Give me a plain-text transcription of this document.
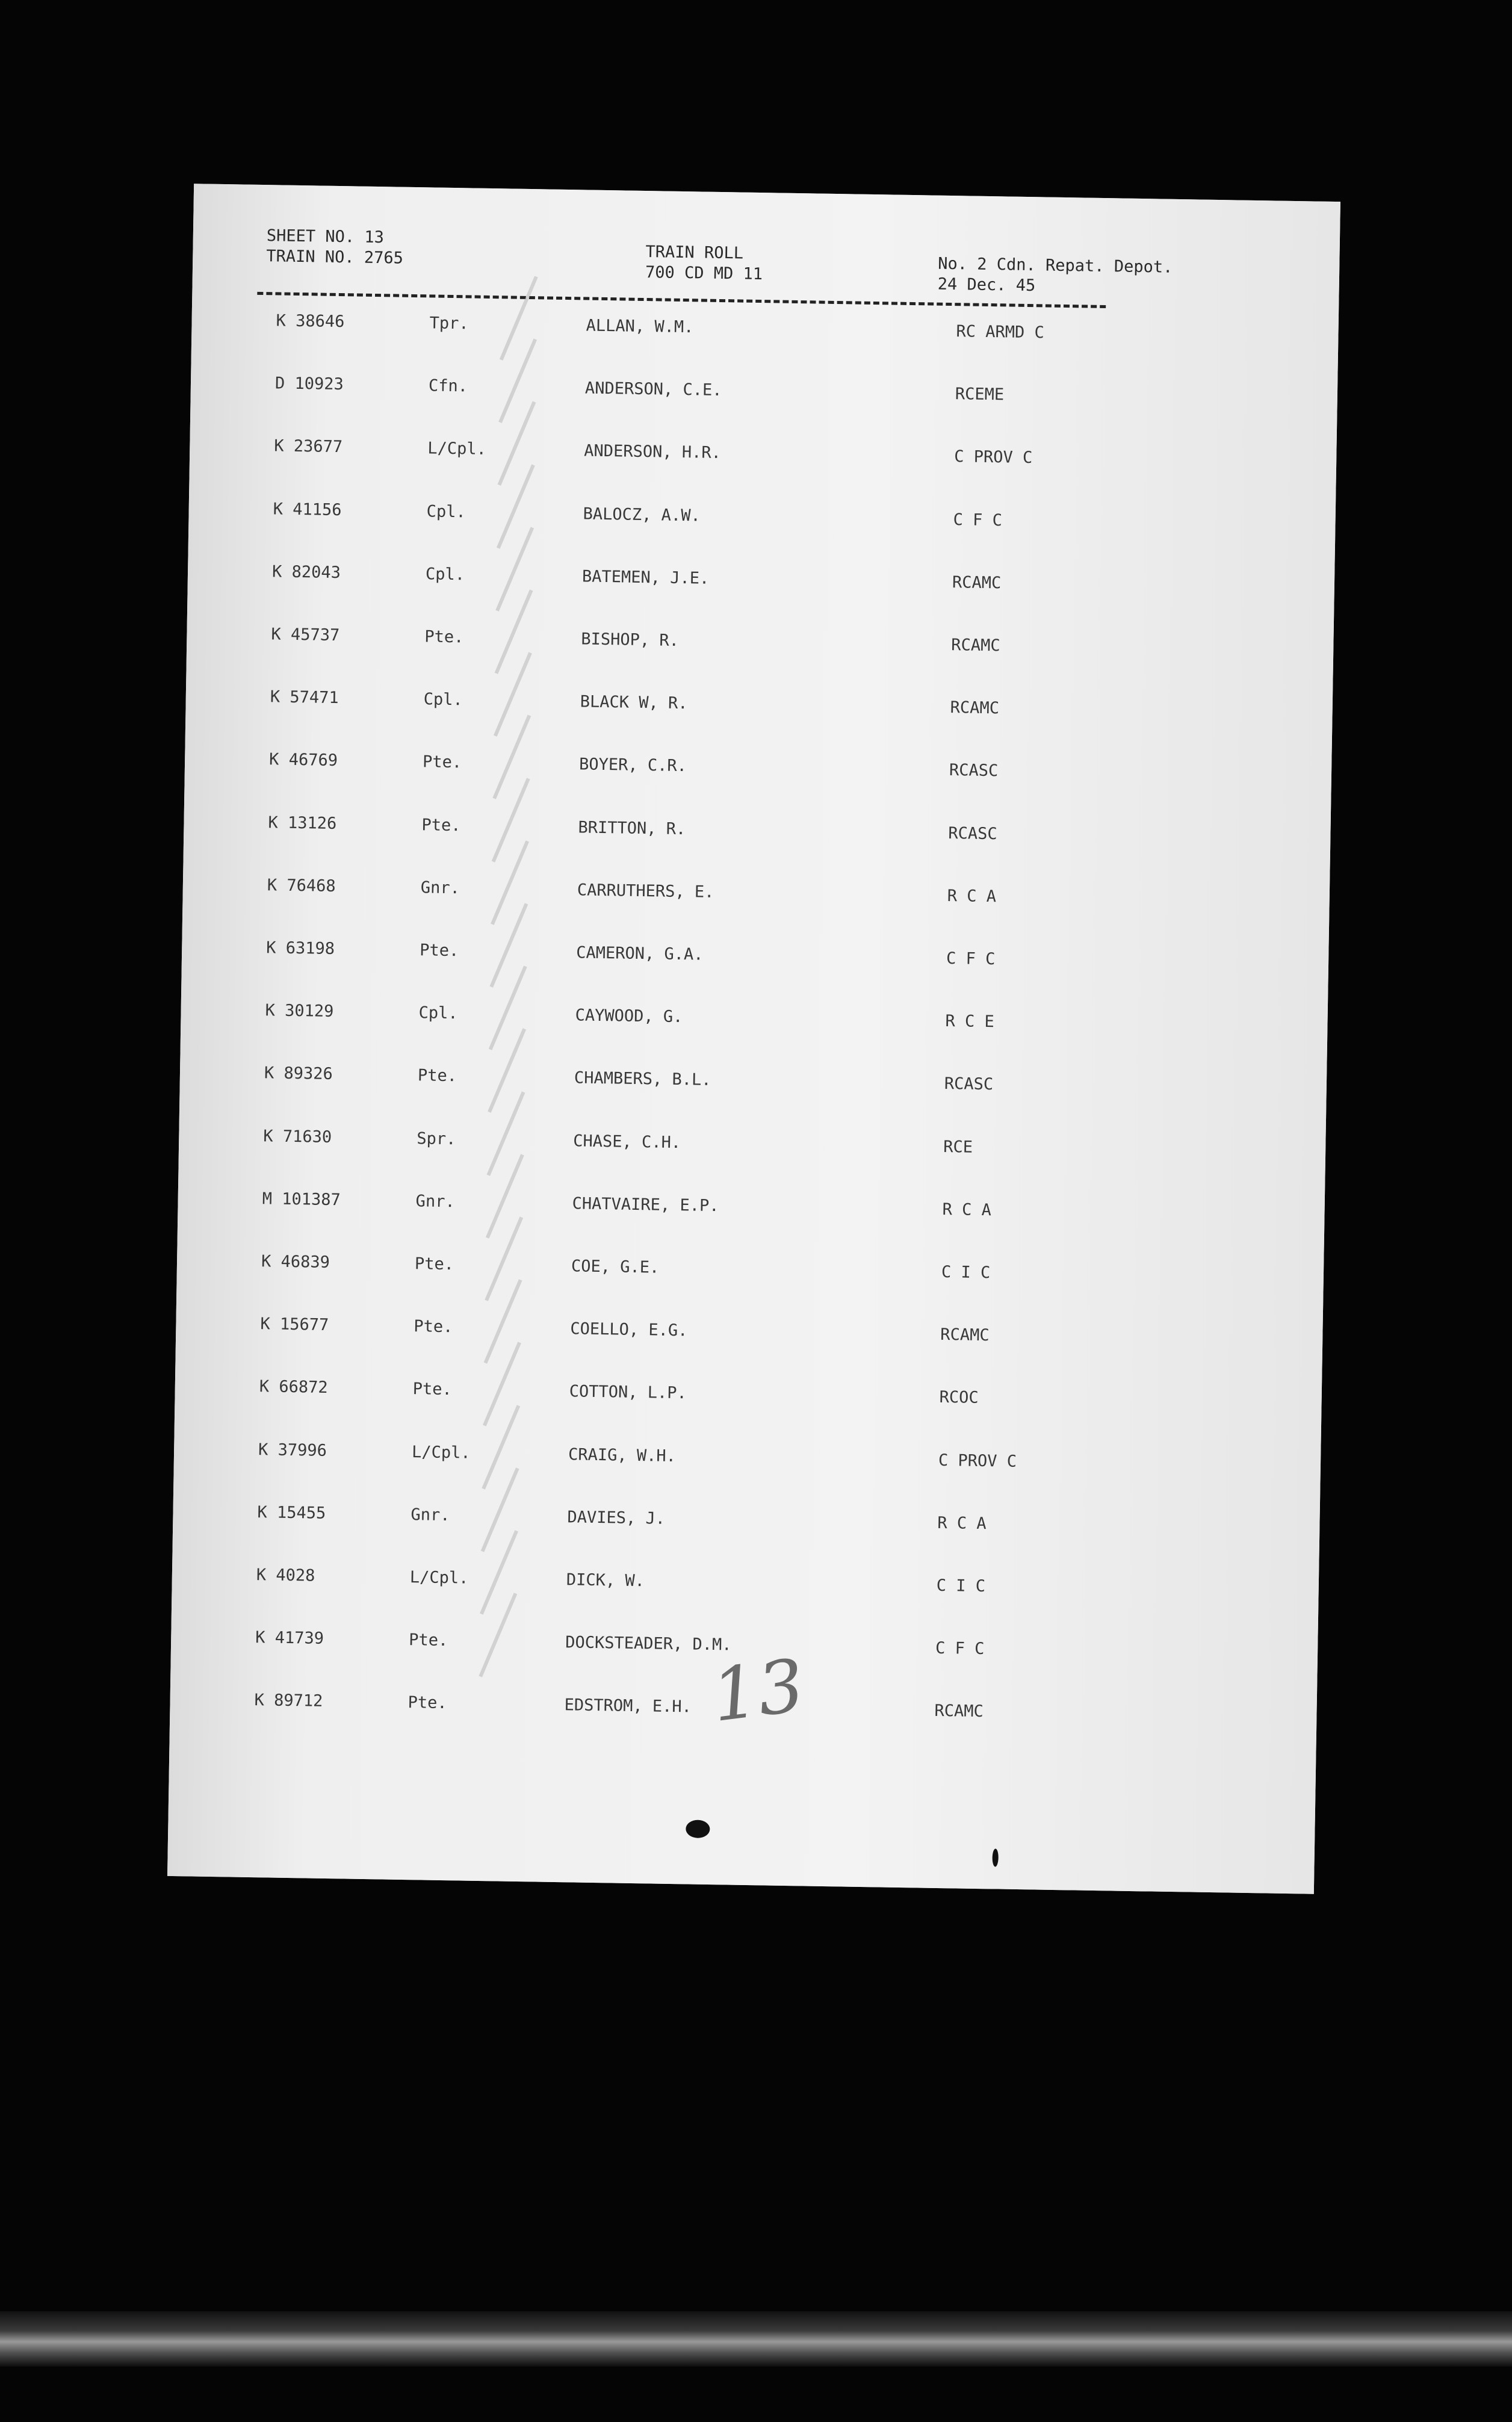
SHEET NO. 13
TRAIN NO. 2765	TRAIN ROLL
700 CD MD 11	No. 2 Cdn. Repat. Depot.
24 Dec. 45
K 38646	Tpr.	ALLAN, W.M.	RC ARMD C
D 10923	Cfn.	ANDERSON, C.E.	RCEME
K 23677	L/Cpl.	ANDERSON, H.R.	C PROV C
K 41156	Cpl.	BALOCZ, A.W.	C F C
K 82043	Cpl.	BATEMEN, J.E.	RCAMC
K 45737	Pte.	BISHOP, R.	RCAMC
K 57471	Cpl.	BLACK W, R.	RCAMC
K 46769	Pte.	BOYER, C.R.	RCASC
K 13126	Pte.	BRITTON, R.	RCASC
K 76468	Gnr.	CARRUTHERS, E.	R C A
K 63198	Pte.	CAMERON, G.A.	C F C
K 30129	Cpl.	CAYWOOD, G.	R C E
K 89326	Pte.	CHAMBERS, B.L.	RCASC
K 71630	Spr.	CHASE, C.H.	RCE
M 101387	Gnr.	CHATVAIRE, E.P.	R C A
K 46839	Pte.	COE, G.E.	C I C
K 15677	Pte.	COELLO, E.G.	RCAMC
K 66872	Pte.	COTTON, L.P.	RCOC
K 37996	L/Cpl.	CRAIG, W.H.	C PROV C
K 15455	Gnr.	DAVIES, J.	R C A
K 4028	L/Cpl.	DICK, W.	C I C
K 41739	Pte.	DOCKSTEADER, D.M.	C F C
K 89712	Pte.	EDSTROM, E.H.	RCAMC
13
